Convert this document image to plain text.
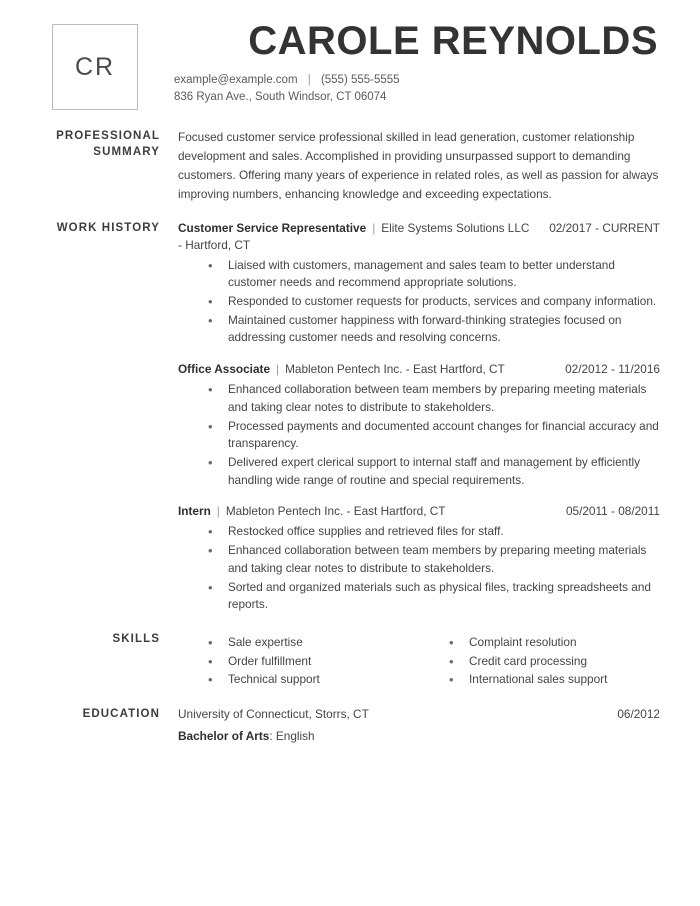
CR
CAROLE REYNOLDS
example@example.com | (555) 555-5555
836 Ryan Ave., South Windsor, CT 06074
PROFESSIONAL
SUMMARY
Focused customer service professional skilled in lead generation, customer relationship development and sales. Accomplished in providing unsurpassed support to demanding customers. Offering many years of experience in related roles, as well as passion for always improving numbers, enhancing knowledge and exceeding expectations.
WORK HISTORY	Customer Service Representative | Elite Systems Solutions LLC - Hartford, CT
02/2017 - CURRENT
• Liaised with customers, management and sales team to better understand customer needs and recommend appropriate solutions.
• Responded to customer requests for products, services and company information.
• Maintained customer happiness with forward-thinking strategies focused on addressing customer needs and resolving concerns.
Office Associate | Mableton Pentech Inc. - East Hartford, CT	02/2012 - 11/2016
• Enhanced collaboration between team members by preparing meeting materials and taking clear notes to distribute to stakeholders.
• Processed payments and documented account changes for financial accuracy and transparency.
• Delivered expert clerical support to internal staff and management by efficiently handling wide range of routine and special requirements.
Intern | Mableton Pentech Inc. - East Hartford, CT	05/2011 - 08/2011
• Restocked office supplies and retrieved files for staff.
• Enhanced collaboration between team members by preparing meeting materials and taking clear notes to distribute to stakeholders.
• Sorted and organized materials such as physical files, tracking spreadsheets and reports.
SKILLS	• Sale expertise
• Order fulfillment
• Technical support
• Complaint resolution
• Credit card processing
• International sales support
EDUCATION	University of Connecticut, Storrs, CT	06/2012
Bachelor of Arts: English
